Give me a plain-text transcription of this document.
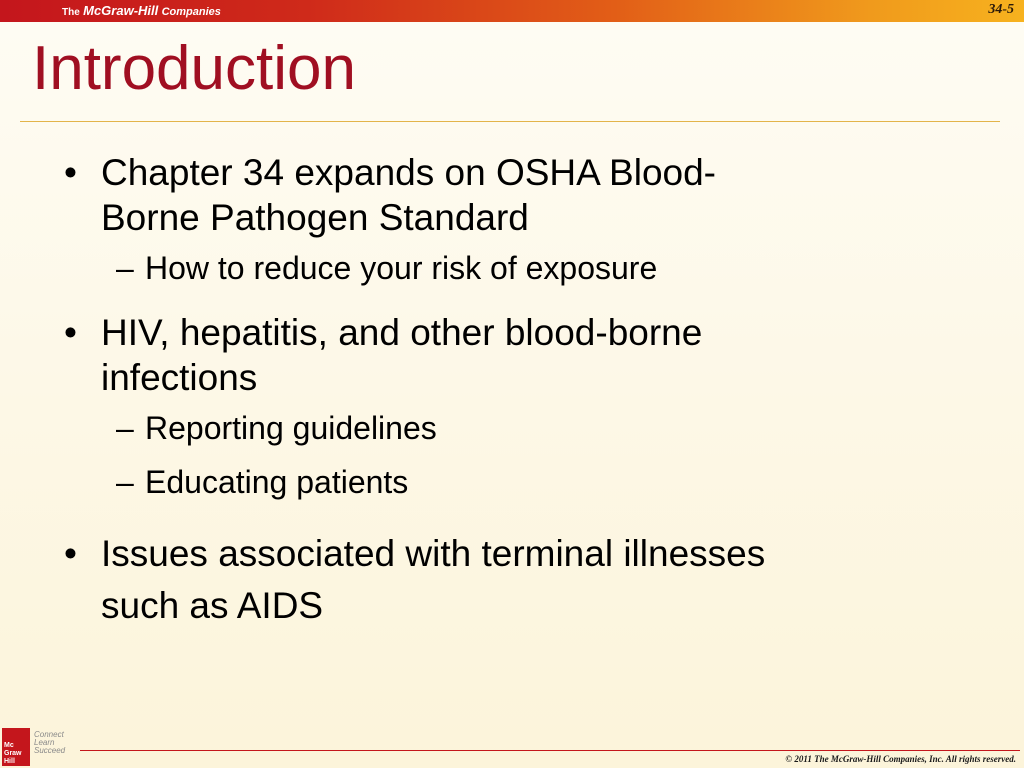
The McGraw-Hill Companies	34-5
Introduction
• Chapter 34 expands on OSHA Blood-
Borne Pathogen Standard
– How to reduce your risk of exposure
• HIV, hepatitis, and other blood-borne
infections
– Reporting guidelines
– Educating patients
• Issues associated with terminal illnesses
such as AIDS
Mc
Graw
Hill
Connect
Learn
Succeed
© 2011 The McGraw-Hill Companies, Inc. All rights reserved.
